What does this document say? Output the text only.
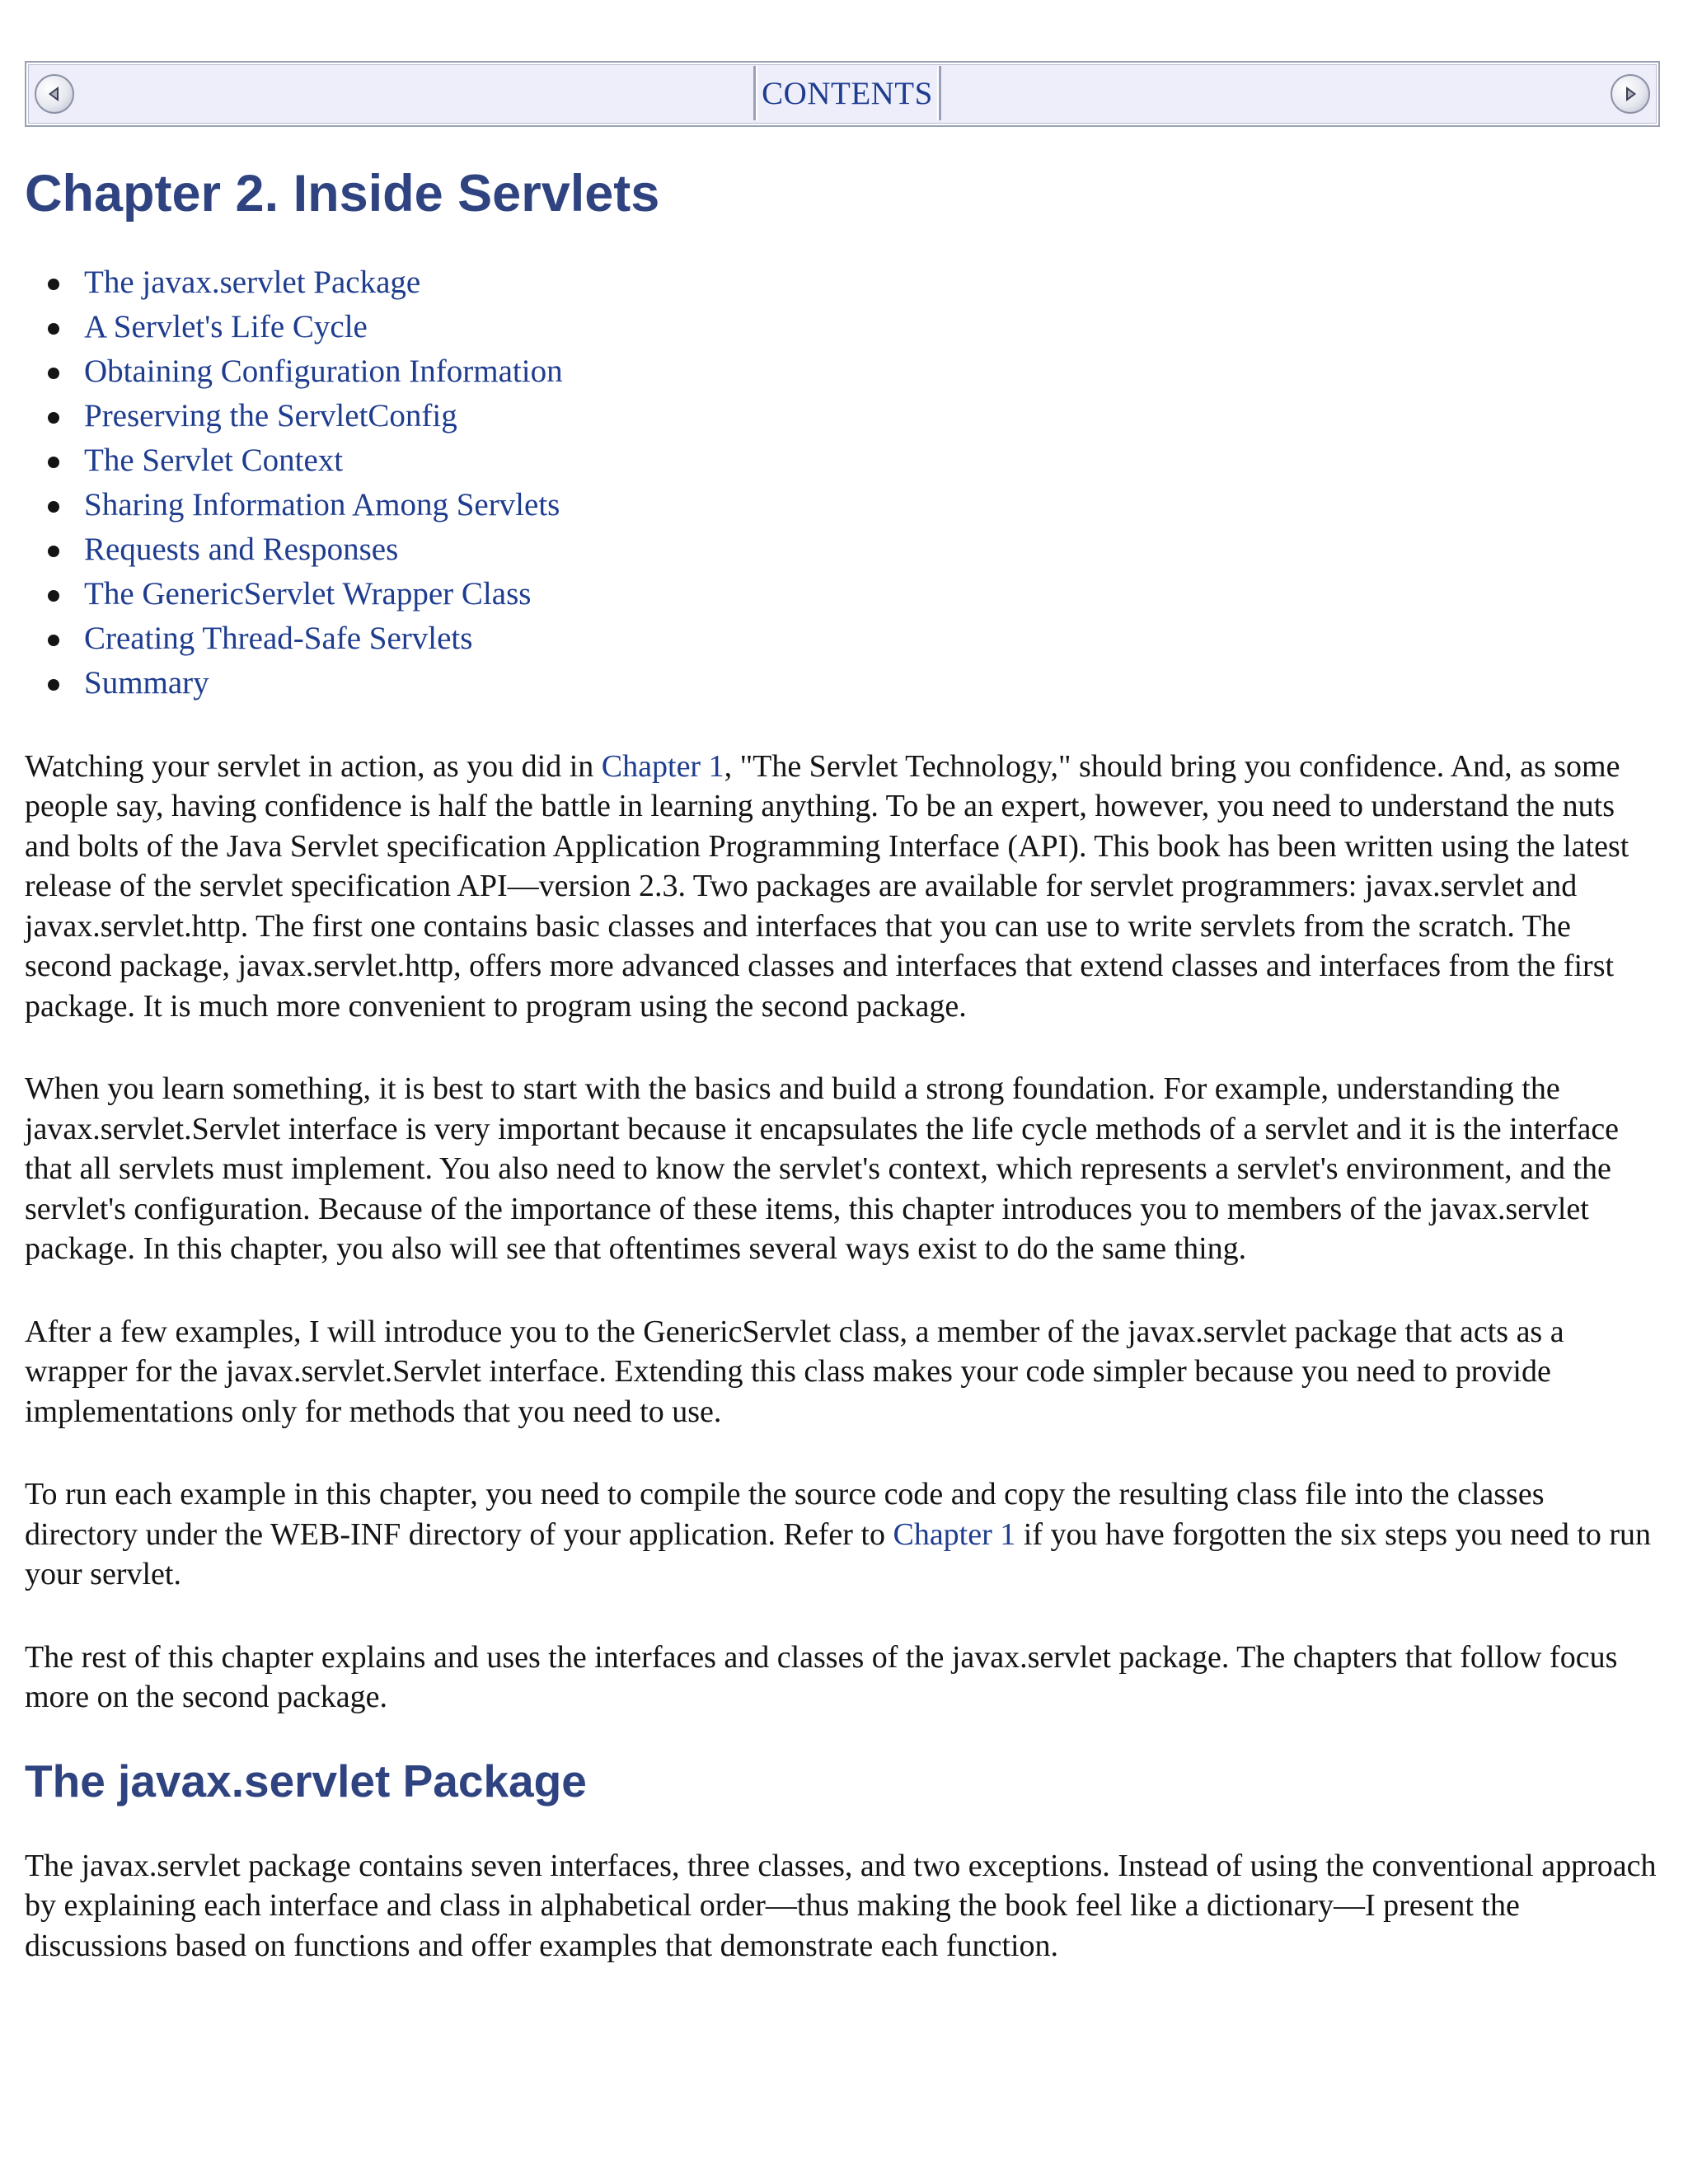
CONTENTS
Chapter 2. Inside Servlets
The javax.servlet Package
A Servlet's Life Cycle
Obtaining Configuration Information
Preserving the ServletConfig
The Servlet Context
Sharing Information Among Servlets
Requests and Responses
The GenericServlet Wrapper Class
Creating Thread-Safe Servlets
Summary

Watching your servlet in action, as you did in Chapter 1, "The Servlet Technology," should bring you confidence. And, as some people say, having confidence is half the battle in learning anything. To be an expert, however, you need to understand the nuts and bolts of the Java Servlet specification Application Programming Interface (API). This book has been written using the latest release of the servlet specification API—version 2.3. Two packages are available for servlet programmers: javax.servlet and javax.servlet.http. The first one contains basic classes and interfaces that you can use to write servlets from the scratch. The second package, javax.servlet.http, offers more advanced classes and interfaces that extend classes and interfaces from the first package. It is much more convenient to program using the second package.

When you learn something, it is best to start with the basics and build a strong foundation. For example, understanding the javax.servlet.Servlet interface is very important because it encapsulates the life cycle methods of a servlet and it is the interface that all servlets must implement. You also need to know the servlet's context, which represents a servlet's environment, and the servlet's configuration. Because of the importance of these items, this chapter introduces you to members of the javax.servlet package. In this chapter, you also will see that oftentimes several ways exist to do the same thing.

After a few examples, I will introduce you to the GenericServlet class, a member of the javax.servlet package that acts as a wrapper for the javax.servlet.Servlet interface. Extending this class makes your code simpler because you need to provide implementations only for methods that you need to use.

To run each example in this chapter, you need to compile the source code and copy the resulting class file into the classes directory under the WEB-INF directory of your application. Refer to Chapter 1 if you have forgotten the six steps you need to run your servlet.

The rest of this chapter explains and uses the interfaces and classes of the javax.servlet package. The chapters that follow focus more on the second package.

The javax.servlet Package

The javax.servlet package contains seven interfaces, three classes, and two exceptions. Instead of using the conventional approach by explaining each interface and class in alphabetical order—thus making the book feel like a dictionary—I present the discussions based on functions and offer examples that demonstrate each function.
